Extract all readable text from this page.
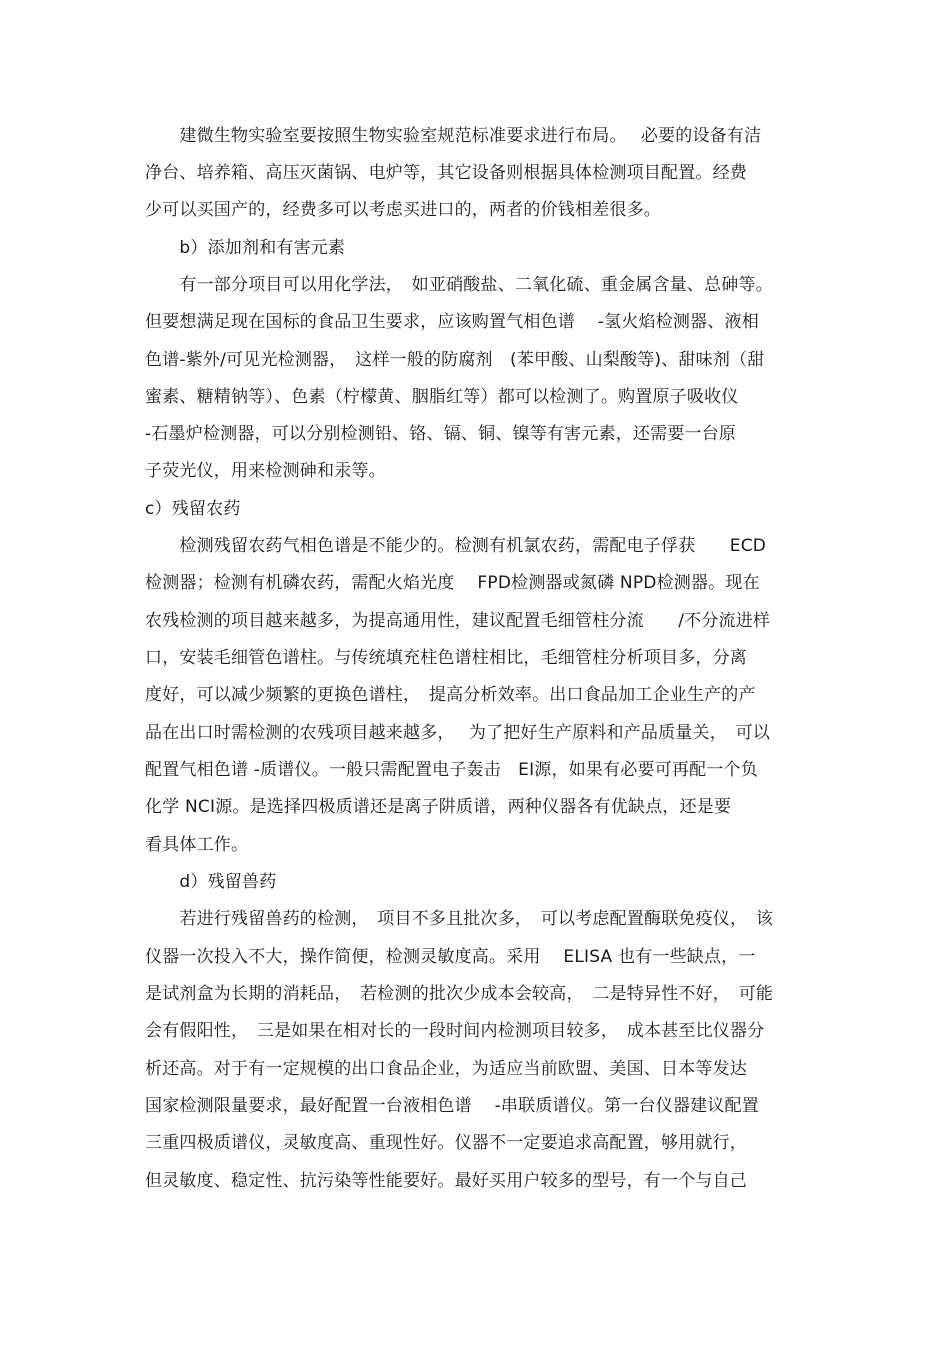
　　建微生物实验室要按照生物实验室规范标准要求进行布局。　 必要的设备有洁
净台、培养箱、高压灭菌锅、电炉等，其它设备则根据具体检测项目配置。经费
少可以买国产的，经费多可以考虑买进口的，两者的价钱相差很多。
　　b）添加剂和有害元素
　　有一部分项目可以用化学法，　如亚硝酸盐、二氧化硫、重金属含量、总砷等。
但要想满足现在国标的食品卫生要求，应该购置气相色谱　 -氢火焰检测器、液相
色谱-紫外/可见光检测器，　这样一般的防腐剂　(苯甲酸、山梨酸等)、甜味剂（甜
蜜素、糖精钠等）、色素（柠檬黄、胭脂红等）都可以检测了。购置原子吸收仪
-石墨炉检测器，可以分别检测铅、铬、镉、铜、镍等有害元素，还需要一台原
子荧光仪，用来检测砷和汞等。
c）残留农药
　　检测残留农药气相色谱是不能少的。检测有机氯农药，需配电子俘获　　ECD
检测器；检测有机磷农药，需配火焰光度　 FPD检测器或氮磷 NPD检测器。现在
农残检测的项目越来越多，为提高通用性，建议配置毛细管柱分流　　/不分流进样
口，安装毛细管色谱柱。与传统填充柱色谱柱相比，毛细管柱分析项目多，分离
度好，可以减少频繁的更换色谱柱，　提高分析效率。出口食品加工企业生产的产
品在出口时需检测的农残项目越来越多，　 为了把好生产原料和产品质量关，　可以
配置气相色谱 -质谱仪。一般只需配置电子轰击　EI源，如果有必要可再配一个负
化学 NCI源。是选择四极质谱还是离子阱质谱，两种仪器各有优缺点，还是要
看具体工作。
　　d）残留兽药
　　若进行残留兽药的检测，　项目不多且批次多，　可以考虑配置酶联免疫仪，　该
仪器一次投入不大，操作简便，检测灵敏度高。采用　 ELISA 也有一些缺点，一
是试剂盒为长期的消耗品，　若检测的批次少成本会较高，　二是特异性不好，　可能
会有假阳性，　三是如果在相对长的一段时间内检测项目较多，　成本甚至比仪器分
析还高。对于有一定规模的出口食品企业，为适应当前欧盟、美国、日本等发达
国家检测限量要求，最好配置一台液相色谱　 -串联质谱仪。第一台仪器建议配置
三重四极质谱仪，灵敏度高、重现性好。仪器不一定要追求高配置，够用就行，
但灵敏度、稳定性、抗污染等性能要好。最好买用户较多的型号，有一个与自己
